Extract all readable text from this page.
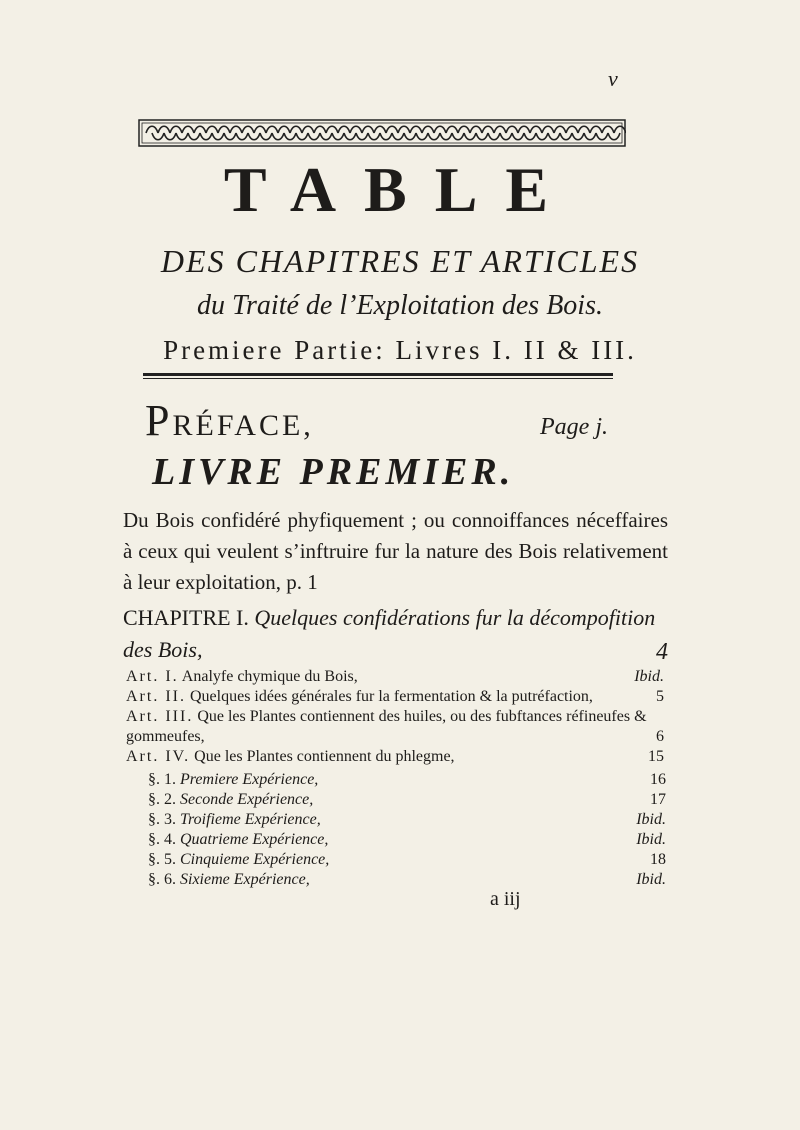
v
TABLE
DES CHAPITRES ET ARTICLES
du Traité de l’Exploitation des Bois.
Premiere Partie: Livres I. II & III.
PRÉFACE,	Page j.
LIVRE PREMIER.
Du Bois confidéré phyfiquement ; ou connoiffances néceffaires à ceux qui veulent s’inftruire fur la nature des Bois relativement à leur exploitation, p. 1
CHAPITRE I. Quelques confidérations fur la décompofition des Bois,	4
Art. I. Analyfe chymique du Bois,	Ibid.
Art. II. Quelques idées générales fur la fermentation & la putréfaction,	5
Art. III. Que les Plantes contiennent des huiles, ou des fubftances réfineufes & gommeufes,	6
Art. IV. Que les Plantes contiennent du phlegme,	15
§. 1. Premiere Expérience,	16
§. 2. Seconde Expérience,	17
§. 3. Troifieme Expérience,	Ibid.
§. 4. Quatrieme Expérience,	Ibid.
§. 5. Cinquieme Expérience,	18
§. 6. Sixieme Expérience,	Ibid.
a iij
